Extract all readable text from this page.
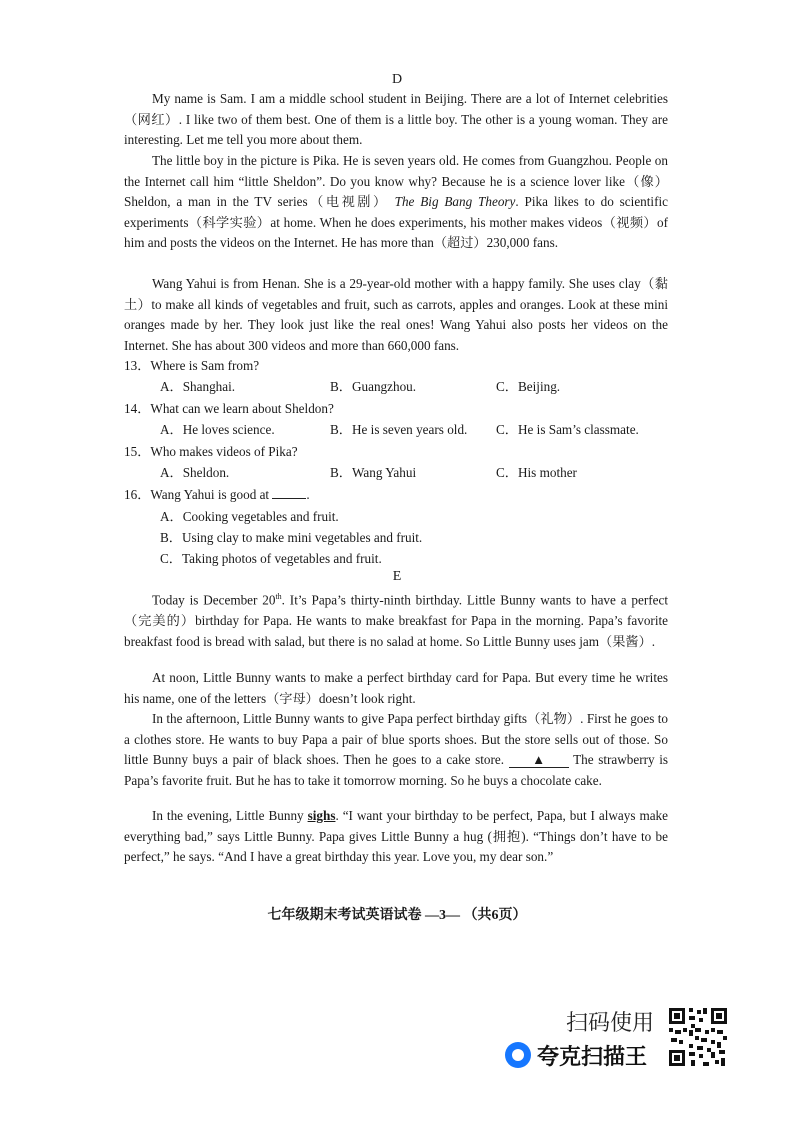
D

My name is Sam. I am a middle school student in Beijing. There are a lot of Internet celebrities（网红）. I like two of them best. One of them is a little boy. The other is a young woman. They are interesting. Let me tell you more about them.

The little boy in the picture is Pika. He is seven years old. He comes from Guangzhou. People on the Internet call him “little Sheldon”. Do you know why? Because he is a science lover like（像）Sheldon, a man in the TV series（电视剧） The Big Bang Theory. Pika likes to do scientific experiments（科学实验）at home. When he does experiments, his mother makes videos（视频）of him and posts the videos on the Internet. He has more than（超过）230,000 fans.

Wang Yahui is from Henan. She is a 29-year-old mother with a happy family. She uses clay（黏土）to make all kinds of vegetables and fruit, such as carrots, apples and oranges. Look at these mini oranges made by her. They look just like the real ones! Wang Yahui also posts her videos on the Internet. She has about 300 videos and more than 660,000 fans.

13．Where is Sam from?
A．Shanghai.	B．Guangzhou.	C．Beijing.
14．What can we learn about Sheldon?
A．He loves science.	B．He is seven years old. C．He is Sam’s classmate.
15．Who makes videos of Pika?
A．Sheldon.	B．Wang Yahui	C．His mother
16．Wang Yahui is good at	.
A．Cooking vegetables and fruit.
B．Using clay to make mini vegetables and fruit.
C．Taking photos of vegetables and fruit.
E

Today is December 20th. It’s Papa’s thirty-ninth birthday. Little Bunny wants to have a perfect（完美的）birthday for Papa. He wants to make breakfast for Papa in the morning. Papa’s favorite breakfast food is bread with salad, but there is no salad at home. So Little Bunny uses jam（果酱）.

At noon, Little Bunny wants to make a perfect birthday card for Papa. But every time he writes his name, one of the letters（字母）doesn’t look right.

In the afternoon, Little Bunny wants to give Papa perfect birthday gifts（礼物）. First he goes to a clothes store. He wants to buy Papa a pair of blue sports shoes. But the store sells out of those. So little Bunny buys a pair of black shoes. Then he goes to a cake store. ▲ The strawberry is Papa’s favorite fruit. But he has to take it tomorrow morning. So he buys a chocolate cake.

In the evening, Little Bunny sighs. “I want your birthday to be perfect, Papa, but I always make everything bad,” says Little Bunny. Papa gives Little Bunny a hug (拥抱). “Things don’t have to be perfect,” he says. “And I have a great birthday this year. Love you, my dear son.”

七年级期末考试英语试卷 —3— （共6页）
扫码使用
夸克扫描王
